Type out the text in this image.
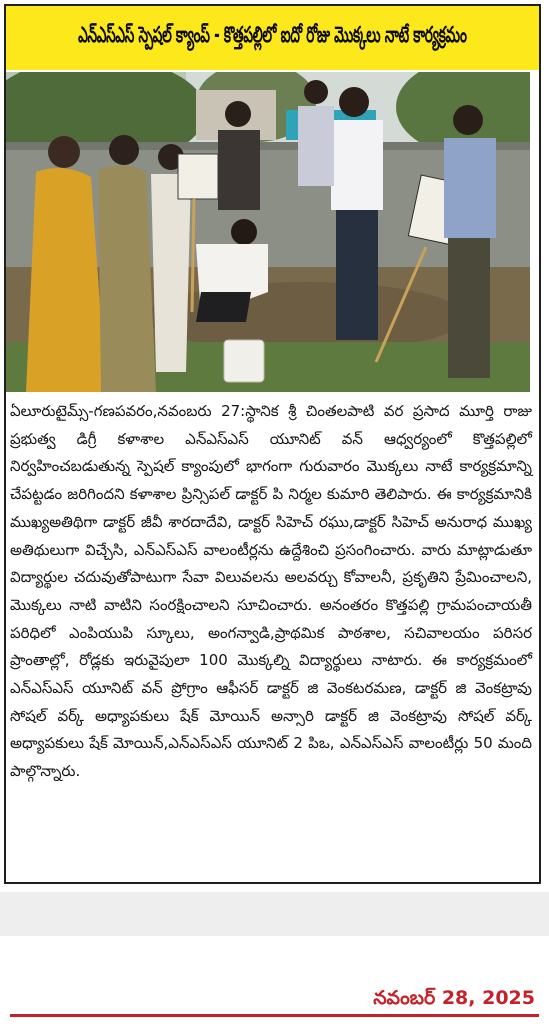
ఎన్ఎస్ఎస్ స్పెషల్ క్యాంప్ - కొత్తపల్లిలో ఐదో రోజు మొక్కలు నాటే కార్యక్రమం

ఏలూరుటైమ్స్-గణపవరం,నవంబరు 27:స్థానిక శ్రీ చింతలపాటి వర ప్రసాద మూర్తి రాజు ప్రభుత్వ డిగ్రీ కళాశాల ఎన్ఎస్ఎస్ యూనిట్ వన్ ఆధ్వర్యంలో కొత్తపల్లిలో నిర్వహించబడుతున్న స్పెషల్ క్యాంపులో భాగంగా గురువారం మొక్కలు నాటే కార్యక్రమాన్ని చేపట్టడం జరిగిందని కళాశాల ప్రిన్సిపల్ డాక్టర్ పి నిర్మల కుమారి తెలిపారు. ఈ కార్యక్రమానికి ముఖ్యఅతిథిగా డాక్టర్ జీవీ శారదాదేవి, డాక్టర్ సిహెచ్ రఘు,డాక్టర్ సిహెచ్ అనురాధ ముఖ్య అతిథులుగా విచ్చేసి, ఎన్ఎస్ఎస్ వాలంటీర్లను ఉద్దేశించి ప్రసంగించారు. వారు మాట్లాడుతూ విద్యార్థుల చదువుతోపాటుగా సేవా విలువలను అలవర్చు కోవాలనీ, ప్రకృతిని ప్రేమించాలని, మొక్కలు నాటి వాటిని సంరక్షించాలని సూచించారు. అనంతరం కొత్తపల్లి గ్రామపంచాయతీ పరిధిలో ఎంపియుపి స్కూలు, అంగన్వాడి,ప్రాథమిక పాఠశాల, సచివాలయం పరిసర ప్రాంతాల్లో, రోడ్లకు ఇరువైపులా 100 మొక్కల్ని విద్యార్థులు నాటారు. ఈ కార్యక్రమంలో ఎన్ఎస్ఎస్ యూనిట్ వన్ ప్రోగ్రాం ఆఫీసర్ డాక్టర్ జి వెంకటరమణ, డాక్టర్ జి వెంకట్రావు సోషల్ వర్క్ అధ్యాపకులు షేక్ మోయిన్ అన్సారి డాక్టర్ జి వెంకట్రావు సోషల్ వర్క్ అధ్యాపకులు షేక్ మోయిన్,ఎన్ఎస్ఎస్ యూనిట్ 2 పిఒ, ఎన్ఎస్ఎస్ వాలంటీర్లు 50 మంది పాల్గొన్నారు.

నవంబర్ 28, 2025
